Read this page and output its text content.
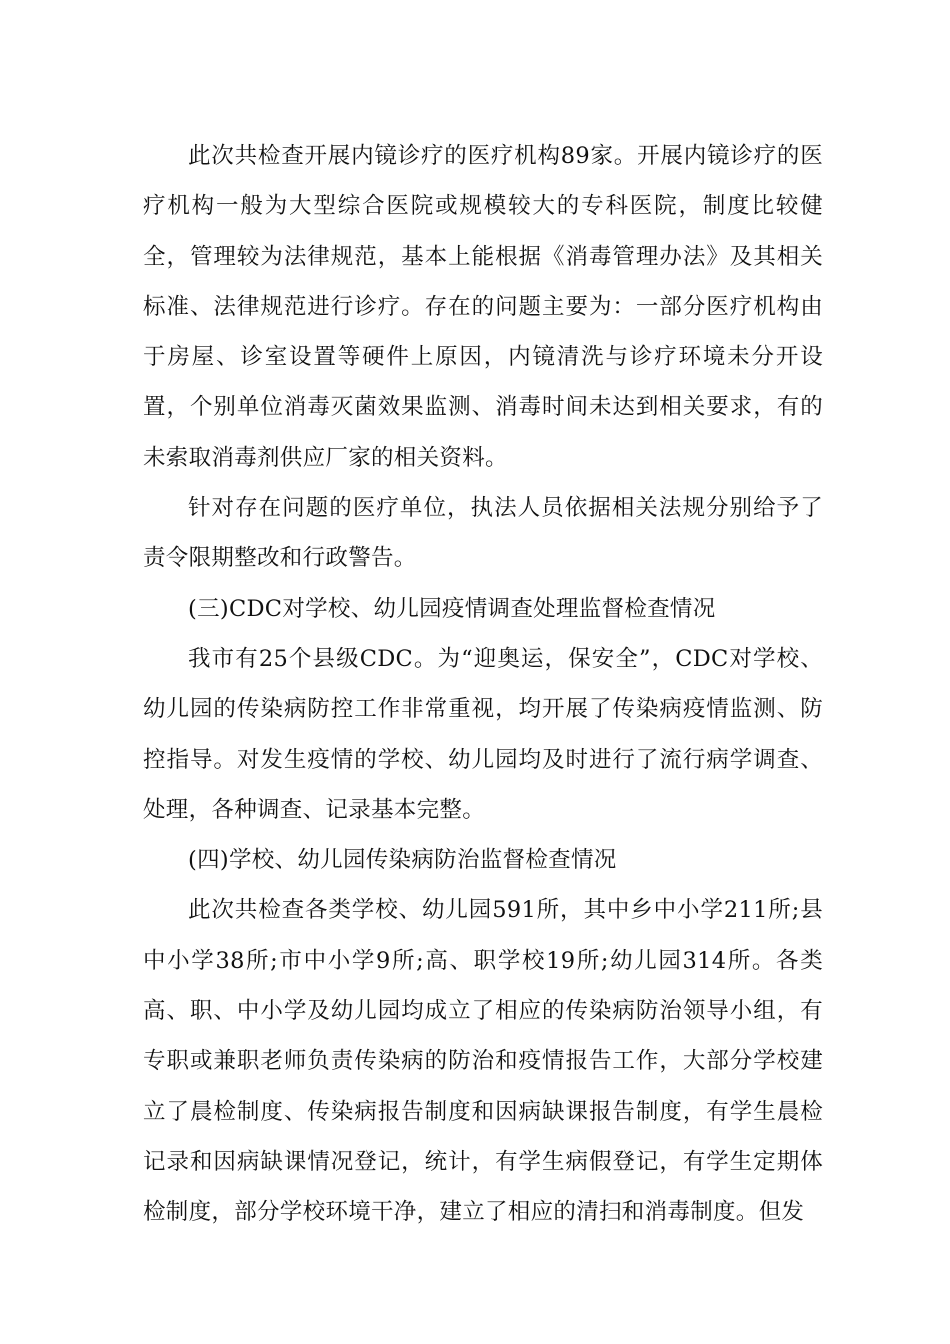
此次共检查开展内镜诊疗的医疗机构89家。开展内镜诊疗的医疗机构一般为大型综合医院或规模较大的专科医院，制度比较健全，管理较为法律规范，基本上能根据《消毒管理办法》及其相关标准、法律规范进行诊疗。存在的问题主要为：一部分医疗机构由于房屋、诊室设置等硬件上原因，内镜清洗与诊疗环境未分开设置，个别单位消毒灭菌效果监测、消毒时间未达到相关要求，有的未索取消毒剂供应厂家的相关资料。

针对存在问题的医疗单位，执法人员依据相关法规分别给予了责令限期整改和行政警告。

(三)CDC对学校、幼儿园疫情调查处理监督检查情况

我市有25个县级CDC。为“迎奥运，保安全”，CDC对学校、幼儿园的传染病防控工作非常重视，均开展了传染病疫情监测、防控指导。对发生疫情的学校、幼儿园均及时进行了流行病学调查、处理，各种调查、记录基本完整。

(四)学校、幼儿园传染病防治监督检查情况

此次共检查各类学校、幼儿园591所，其中乡中小学211所;县中小学38所;市中小学9所;高、职学校19所;幼儿园314所。各类高、职、中小学及幼儿园均成立了相应的传染病防治领导小组，有专职或兼职老师负责传染病的防治和疫情报告工作，大部分学校建立了晨检制度、传染病报告制度和因病缺课报告制度，有学生晨检记录和因病缺课情况登记，统计，有学生病假登记，有学生定期体检制度，部分学校环境干净，建立了相应的清扫和消毒制度。但发
